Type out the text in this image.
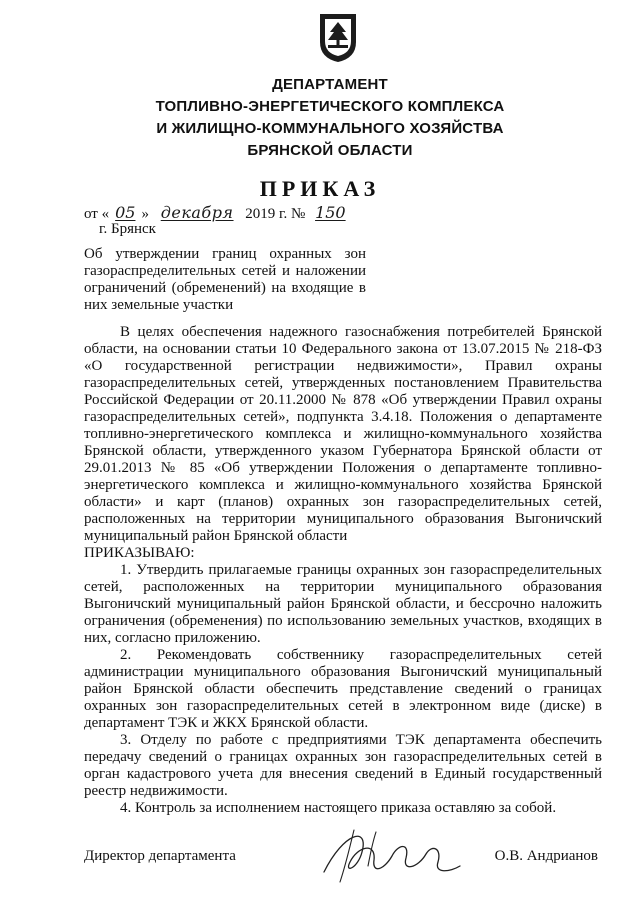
ДЕПАРТАМЕНТ
ТОПЛИВНО-ЭНЕРГЕТИЧЕСКОГО КОМПЛЕКСА
И ЖИЛИЩНО-КОММУНАЛЬНОГО ХОЗЯЙСТВА
БРЯНСКОЙ ОБЛАСТИ
ПРИКАЗ
от « 05 » декабря 2019 г. № 150
г. Брянск
Об утверждении границ охранных зон газораспределительных сетей и наложении ограничений (обременений) на входящие в них земельные участки

В целях обеспечения надежного газоснабжения потребителей Брянской области, на основании статьи 10 Федерального закона от 13.07.2015 № 218-ФЗ «О государственной регистрации недвижимости», Правил охраны газораспределительных сетей, утвержденных постановлением Правительства Российской Федерации от 20.11.2000 № 878 «Об утверждении Правил охраны газораспределительных сетей», подпункта 3.4.18. Положения о департаменте топливно-энергетического комплекса и жилищно-коммунального хозяйства Брянской области, утвержденного указом Губернатора Брянской области от 29.01.2013 № 85 «Об утверждении Положения о департаменте топливно-энергетического комплекса и жилищно-коммунального хозяйства Брянской области» и карт (планов) охранных зон газораспределительных сетей, расположенных на территории муниципального образования Выгоничский муниципальный район Брянской области

ПРИКАЗЫВАЮ:

1. Утвердить прилагаемые границы охранных зон газораспределительных сетей, расположенных на территории муниципального образования Выгоничский муниципальный район Брянской области, и бессрочно наложить ограничения (обременения) по использованию земельных участков, входящих в них, согласно приложению.

2. Рекомендовать собственнику газораспределительных сетей администрации муниципального образования Выгоничский муниципальный район Брянской области обеспечить представление сведений о границах охранных зон газораспределительных сетей в электронном виде (диске) в департамент ТЭК и ЖКХ Брянской области.

3. Отделу по работе с предприятиями ТЭК департамента обеспечить передачу сведений о границах охранных зон газораспределительных сетей в орган кадастрового учета для внесения сведений в Единый государственный реестр недвижимости.

4. Контроль за исполнением настоящего приказа оставляю за собой.

Директор департамента	О.В. Андрианов
